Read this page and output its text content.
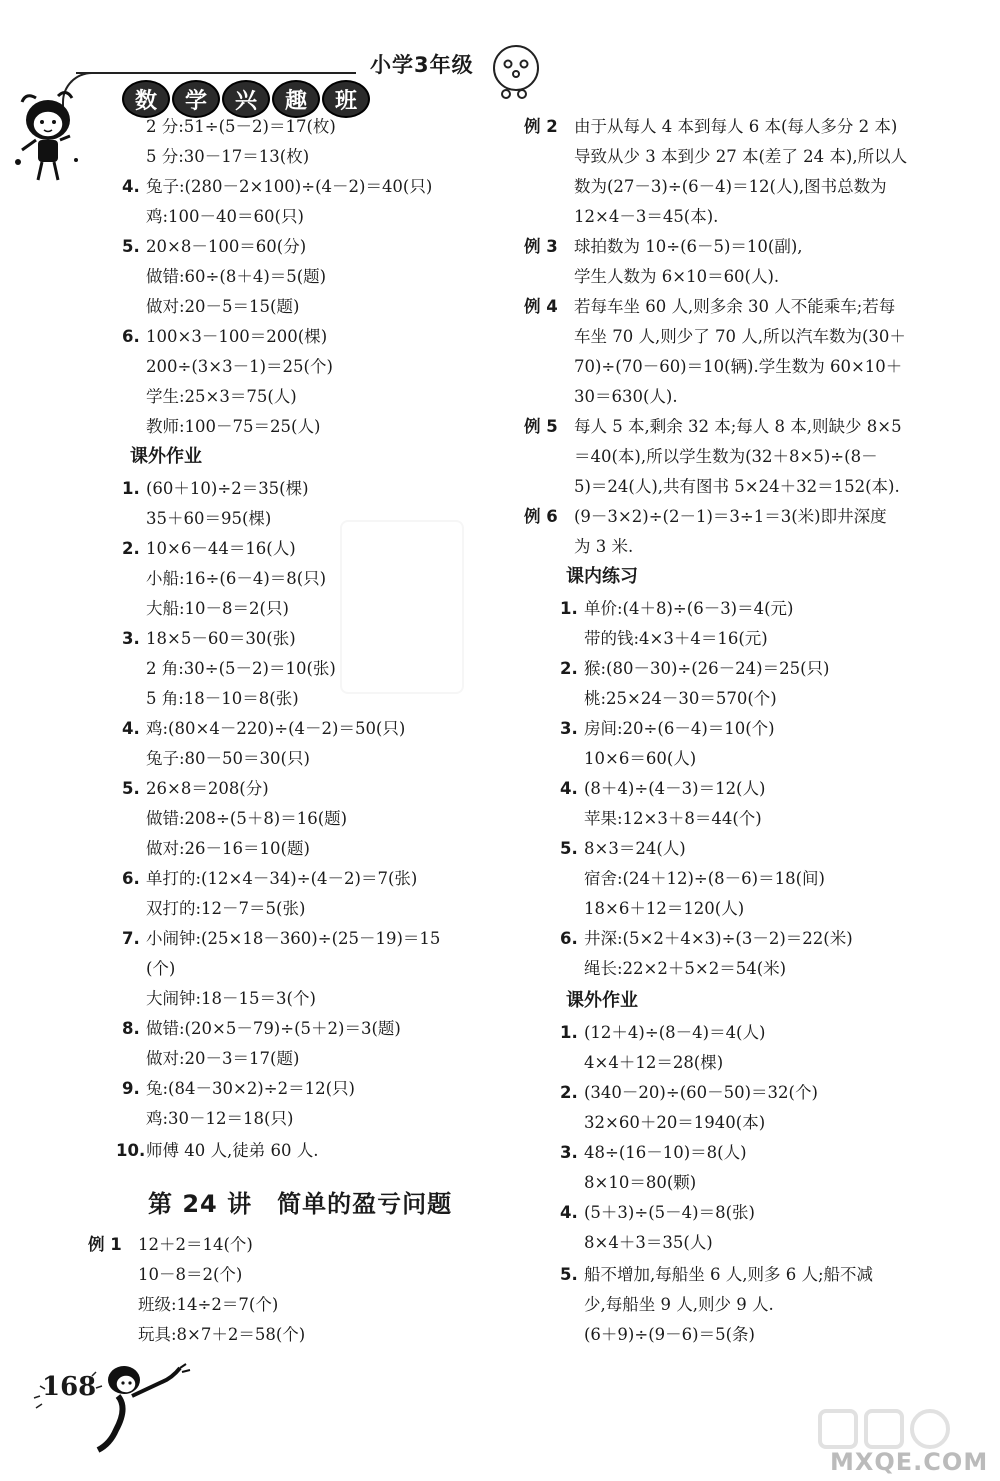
小学3年级
数	学	兴	趣	班
2 分:51÷(5－2)＝17(枚)
5 分:30－17＝13(枚)
4. 兔子:(280－2×100)÷(4－2)＝40(只)
鸡:100－40＝60(只)
5. 20×8－100＝60(分)
做错:60÷(8＋4)＝5(题)
做对:20－5＝15(题)
6. 100×3－100＝200(棵)
200÷(3×3－1)＝25(个)
学生:25×3＝75(人)
教师:100－75＝25(人)
课外作业
1. (60＋10)÷2＝35(棵)
35＋60＝95(棵)
2. 10×6－44＝16(人)
小船:16÷(6－4)＝8(只)
大船:10－8＝2(只)
3. 18×5－60＝30(张)
2 角:30÷(5－2)＝10(张)
5 角:18－10＝8(张)
4. 鸡:(80×4－220)÷(4－2)＝50(只)
兔子:80－50＝30(只)
5. 26×8＝208(分)
做错:208÷(5＋8)＝16(题)
做对:26－16＝10(题)
6. 单打的:(12×4－34)÷(4－2)＝7(张)
双打的:12－7＝5(张)
7. 小闹钟:(25×18－360)÷(25－19)＝15
(个)
大闹钟:18－15＝3(个)
8. 做错:(20×5－79)÷(5＋2)＝3(题)
做对:20－3＝17(题)
9. 兔:(84－30×2)÷2＝12(只)
鸡:30－12＝18(只)
10. 师傅 40 人,徒弟 60 人.
第 24 讲　简单的盈亏问题
例 1 12＋2＝14(个)
10－8＝2(个)
班级:14÷2＝7(个)
玩具:8×7＋2＝58(个)
例 2 由于从每人 4 本到每人 6 本(每人多分 2 本)
导致从少 3 本到少 27 本(差了 24 本),所以人
数为(27－3)÷(6－4)＝12(人),图书总数为
12×4－3＝45(本).
例 3 球拍数为 10÷(6－5)＝10(副),
学生人数为 6×10＝60(人).
例 4 若每车坐 60 人,则多余 30 人不能乘车;若每
车坐 70 人,则少了 70 人,所以汽车数为(30＋
70)÷(70－60)＝10(辆).学生数为 60×10＋
30＝630(人).
例 5 每人 5 本,剩余 32 本;每人 8 本,则缺少 8×5
＝40(本),所以学生数为(32＋8×5)÷(8－
5)＝24(人),共有图书 5×24＋32＝152(本).
例 6 (9－3×2)÷(2－1)＝3÷1＝3(米)即井深度
为 3 米.
课内练习
1. 单价:(4＋8)÷(6－3)＝4(元)
带的钱:4×3＋4＝16(元)
2. 猴:(80－30)÷(26－24)＝25(只)
桃:25×24－30＝570(个)
3. 房间:20÷(6－4)＝10(个)
10×6＝60(人)
4. (8＋4)÷(4－3)＝12(人)
苹果:12×3＋8＝44(个)
5. 8×3＝24(人)
宿舍:(24＋12)÷(8－6)＝18(间)
18×6＋12＝120(人)
6. 井深:(5×2＋4×3)÷(3－2)＝22(米)
绳长:22×2＋5×2＝54(米)
课外作业
1. (12＋4)÷(8－4)＝4(人)
4×4＋12＝28(棵)
2. (340－20)÷(60－50)＝32(个)
32×60＋20＝1940(本)
3. 48÷(16－10)＝8(人)
8×10＝80(颗)
4. (5＋3)÷(5－4)＝8(张)
8×4＋3＝35(人)
5. 船不增加,每船坐 6 人,则多 6 人;船不减
少,每船坐 9 人,则少 9 人.
(6＋9)÷(9－6)＝5(条)
168
MXQE.COM
